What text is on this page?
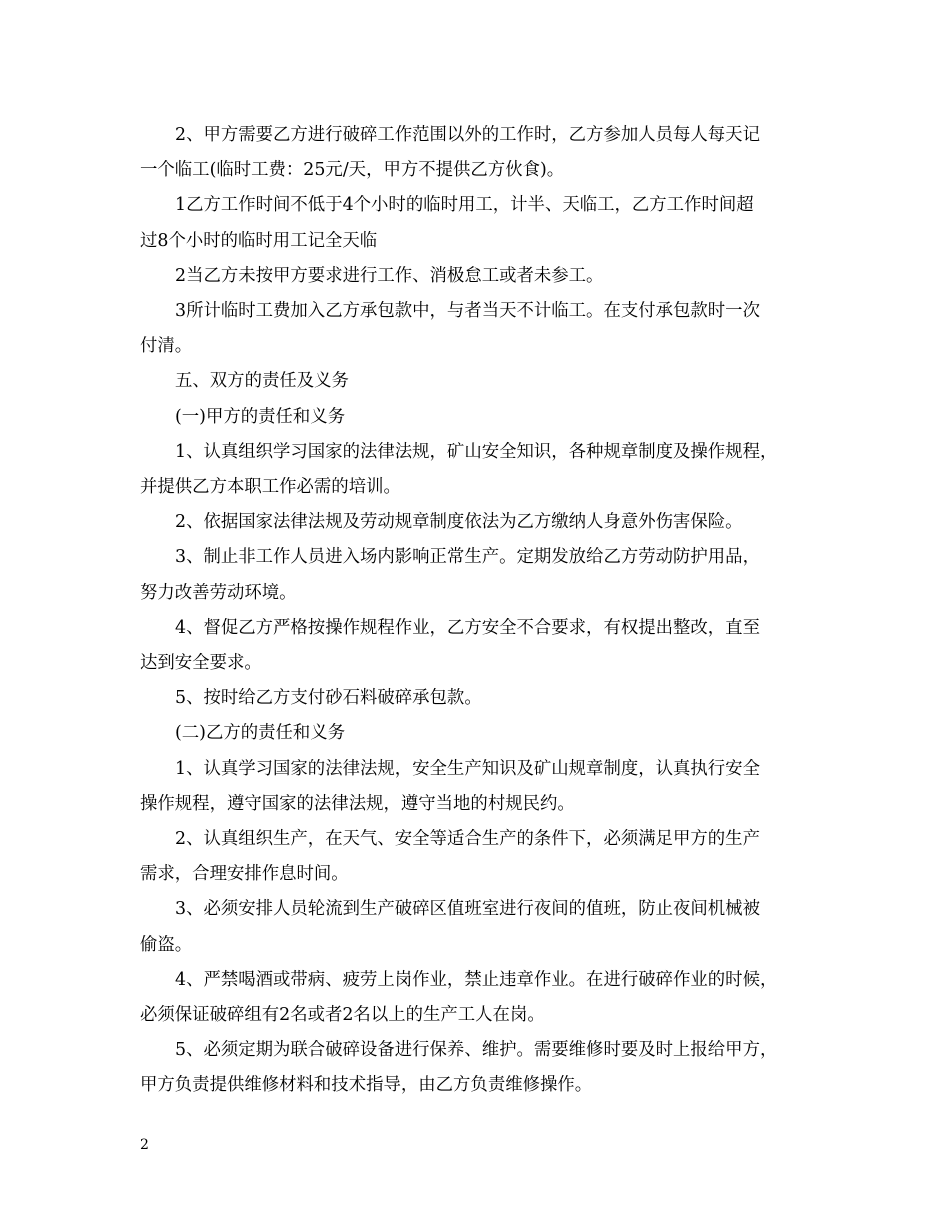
2、甲方需要乙方进行破碎工作范围以外的工作时，乙方参加人员每人每天记
一个临工(临时工费：25元/天，甲方不提供乙方伙食)。
1乙方工作时间不低于4个小时的临时用工，计半、天临工，乙方工作时间超
过8个小时的临时用工记全天临
2当乙方未按甲方要求进行工作、消极怠工或者未参工。
3所计临时工费加入乙方承包款中，与者当天不计临工。在支付承包款时一次
付清。
五、双方的责任及义务
(一)甲方的责任和义务
1、认真组织学习国家的法律法规，矿山安全知识，各种规章制度及操作规程，
并提供乙方本职工作必需的培训。
2、依据国家法律法规及劳动规章制度依法为乙方缴纳人身意外伤害保险。
3、制止非工作人员进入场内影响正常生产。定期发放给乙方劳动防护用品，
努力改善劳动环境。
4、督促乙方严格按操作规程作业，乙方安全不合要求，有权提出整改，直至
达到安全要求。
5、按时给乙方支付砂石料破碎承包款。
(二)乙方的责任和义务
1、认真学习国家的法律法规，安全生产知识及矿山规章制度，认真执行安全
操作规程，遵守国家的法律法规，遵守当地的村规民约。
2、认真组织生产，在天气、安全等适合生产的条件下，必须满足甲方的生产
需求，合理安排作息时间。
3、必须安排人员轮流到生产破碎区值班室进行夜间的值班，防止夜间机械被
偷盗。
4、严禁喝酒或带病、疲劳上岗作业，禁止违章作业。在进行破碎作业的时候，
必须保证破碎组有2名或者2名以上的生产工人在岗。
5、必须定期为联合破碎设备进行保养、维护。需要维修时要及时上报给甲方，
甲方负责提供维修材料和技术指导，由乙方负责维修操作。
2
